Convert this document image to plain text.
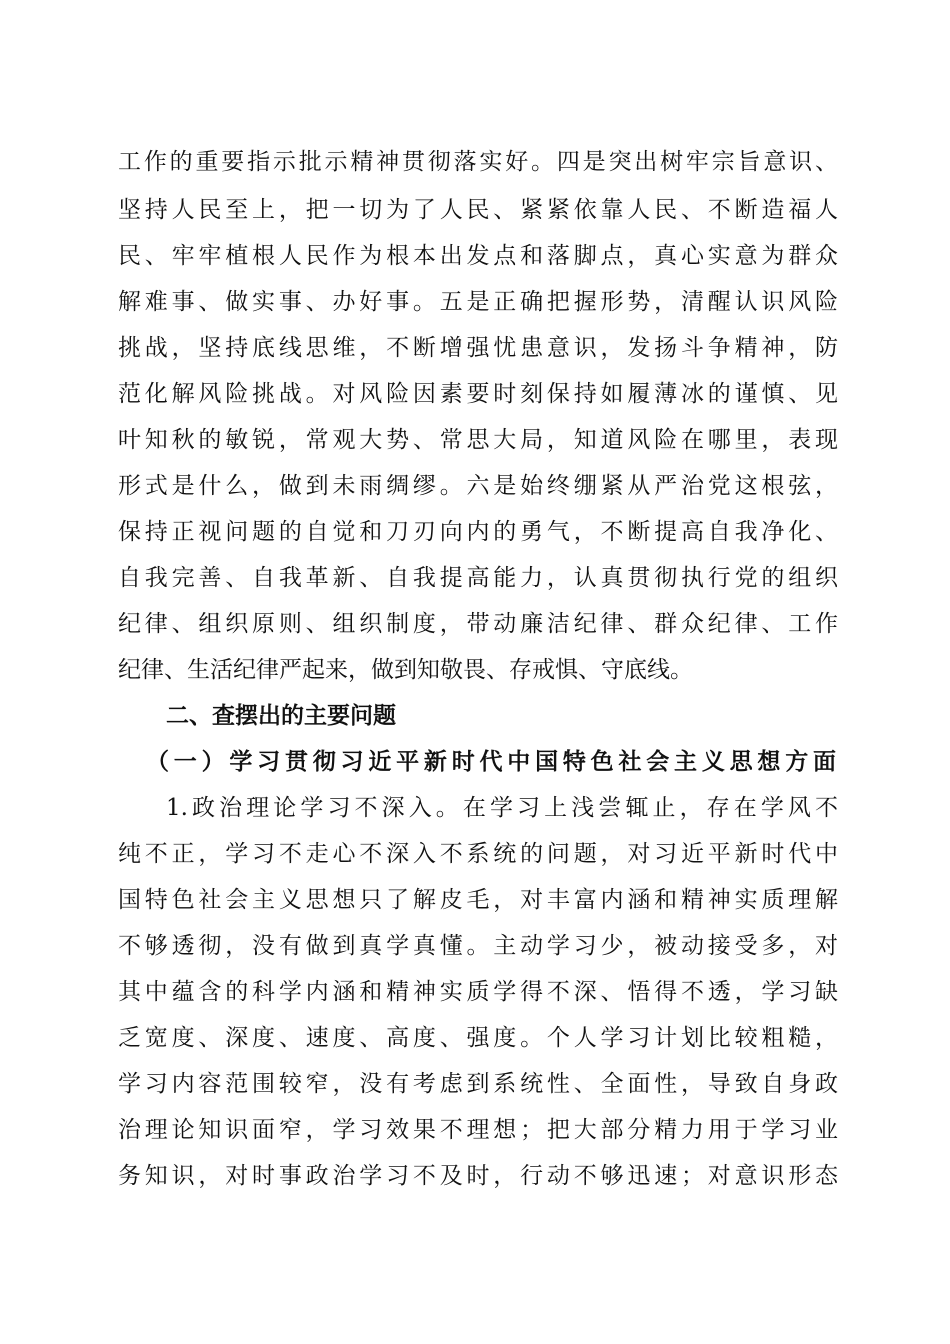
工作的重要指示批示精神贯彻落实好。四是突出树牢宗旨意识、
坚持人民至上，把一切为了人民、紧紧依靠人民、不断造福人
民、牢牢植根人民作为根本出发点和落脚点，真心实意为群众
解难事、做实事、办好事。五是正确把握形势，清醒认识风险
挑战，坚持底线思维，不断增强忧患意识，发扬斗争精神，防
范化解风险挑战。对风险因素要时刻保持如履薄冰的谨慎、见
叶知秋的敏锐，常观大势、常思大局，知道风险在哪里，表现
形式是什么，做到未雨绸缪。六是始终绷紧从严治党这根弦，
保持正视问题的自觉和刀刃向内的勇气，不断提高自我净化、
自我完善、自我革新、自我提高能力，认真贯彻执行党的组织
纪律、组织原则、组织制度，带动廉洁纪律、群众纪律、工作
纪律、生活纪律严起来，做到知敬畏、存戒惧、守底线。
二、查摆出的主要问题
（一）学习贯彻习近平新时代中国特色社会主义思想方面
1.政治理论学习不深入。在学习上浅尝辄止，存在学风不
纯不正，学习不走心不深入不系统的问题，对习近平新时代中
国特色社会主义思想只了解皮毛，对丰富内涵和精神实质理解
不够透彻，没有做到真学真懂。主动学习少，被动接受多，对
其中蕴含的科学内涵和精神实质学得不深、悟得不透，学习缺
乏宽度、深度、速度、高度、强度。个人学习计划比较粗糙，
学习内容范围较窄，没有考虑到系统性、全面性，导致自身政
治理论知识面窄，学习效果不理想；把大部分精力用于学习业
务知识，对时事政治学习不及时，行动不够迅速；对意识形态
